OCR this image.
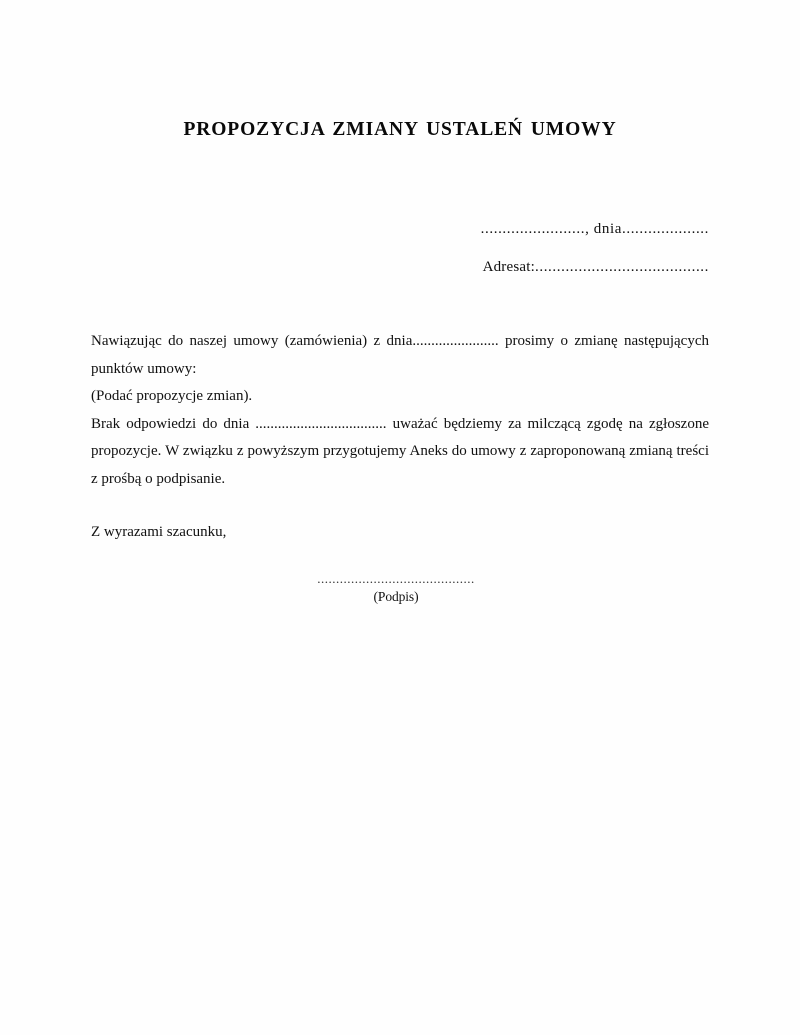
PROPOZYCJA ZMIANY USTALEŃ UMOWY
........................, dnia....................
Adresat:........................................

Nawiązując do naszej umowy (zamówienia) z dnia....................... prosimy o zmianę następujących punktów umowy:

(Podać propozycje zmian).

Brak odpowiedzi do dnia ................................... uważać będziemy za milczącą zgodę na zgłoszone propozycje. W związku z powyższym przygotujemy Aneks do umowy z zaproponowaną zmianą treści z prośbą o podpisanie.

Z wyrazami szacunku,
..........................................
(Podpis)
